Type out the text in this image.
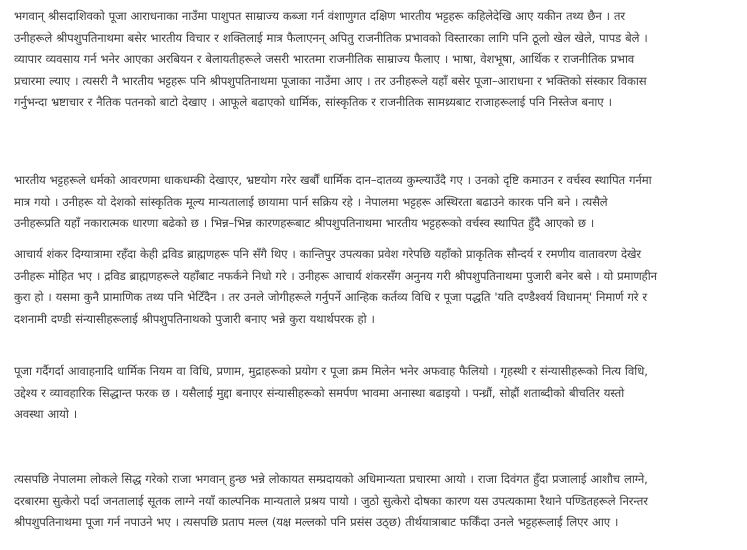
भगवान् श्रीसदाशिवको पूजा आराधनाका नाउँमा पाशुपत साम्राज्य कब्जा गर्न वंशाणुगत दक्षिण भारतीय भट्टहरू कहिलेदेखि आए यकीन तथ्य छैन । तर
उनीहरूले श्रीपशुपतिनाथमा बसेर भारतीय विचार र शक्तिलाई मात्र फैलाएनन् अपितु राजनीतिक प्रभावको विस्तारका लागि पनि ठूलो खेल खेले, पापड बेले ।
व्यापार व्यवसाय गर्न भनेर आएका अरबियन र बेलायतीहरूले जसरी भारतमा राजनीतिक साम्राज्य फैलाए । भाषा, वेशभूषा, आर्थिक र राजनीतिक प्रभाव
प्रचारमा ल्याए । त्यसरी नै भारतीय भट्टहरू पनि श्रीपशुपतिनाथमा पूजाका नाउँमा आए । तर उनीहरूले यहाँ बसेर पूजा–आराधना र भक्तिको संस्कार विकास
गर्नुभन्दा भ्रष्टाचार र नैतिक पतनको बाटो देखाए । आफूले बढाएको धार्मिक, सांस्कृतिक र राजनीतिक सामथ्र्यबाट राजाहरूलाई पनि निस्तेज बनाए ।

भारतीय भट्टहरूले धर्मको आवरणमा धाकधम्की देखाएर, भ्रष्टयोग गरेर खर्बौं धार्मिक दान–दातव्य कुम्ल्याउँदै गए । उनको दृष्टि कमाउन र वर्चस्व स्थापित गर्नमा
मात्र गयो । उनीहरू यो देशको सांस्कृतिक मूल्य मान्यतालाई छायामा पार्न सक्रिय रहे । नेपालमा भट्टहरू अस्थिरता बढाउने कारक पनि बने । त्यसैले
उनीहरूप्रति यहाँ नकारात्मक धारणा बढेको छ । भिन्न–भिन्न कारणहरूबाट श्रीपशुपतिनाथमा भारतीय भट्टहरूको वर्चस्व स्थापित हुँदै आएको छ ।

आचार्य शंकर दिग्यात्रामा रहँदा केही द्रविड ब्राह्मणहरू पनि सँगै थिए । कान्तिपुर उपत्यका प्रवेश गरेपछि यहाँको प्राकृतिक सौन्दर्य र रमणीय वातावरण देखेर
उनीहरू मोहित भए । द्रविड ब्राह्मणहरूले यहाँबाट नफर्कने निधो गरे । उनीहरू आचार्य शंकरसँग अनुनय गरी श्रीपशुपतिनाथमा पुजारी बनेर बसे । यो प्रमाणहीन
कुरा हो । यसमा कुनै प्रामाणिक तथ्य पनि भेटिँदैन । तर उनले जोगीहरूले गर्नुपर्ने आन्हिक कर्तव्य विधि र पूजा पद्धति 'यति दण्डैश्वर्य विधानम्' निमार्ण गरे र
दशनामी दण्डी संन्यासीहरूलाई श्रीपशुपतिनाथको पुजारी बनाए भन्ने कुरा यथार्थपरक हो ।

पूजा गर्दैगर्दा आवाहनादि धार्मिक नियम वा विधि, प्रणाम, मुद्राहरूको प्रयोग र पूजा क्रम मिलेन भनेर अफवाह फैलियो । गृहस्थी र संन्यासीहरूको नित्य विधि,
उद्देश्य र व्यावहारिक सिद्धान्त फरक छ । यसैलाई मुद्दा बनाएर संन्यासीहरूको समर्पण भावमा अनास्था बढाइयो । पन्ध्रौं, सोह्रौं शताब्दीको बीचतिर यस्तो
अवस्था आयो ।

त्यसपछि नेपालमा लोकले सिद्ध गरेको राजा भगवान् हुन्छ भन्ने लोकायत सम्प्रदायको अधिमान्यता प्रचारमा आयो । राजा दिवंगत हुँदा प्रजालाई आशौच लाग्ने,
दरबारमा सुत्केरो पर्दा जनतालाई सूतक लाग्ने नयाँ काल्पनिक मान्यताले प्रश्रय पायो । जुठो सुत्केरो दोषका कारण यस उपत्यकामा रैथाने पण्डितहरूले निरन्तर
श्रीपशुपतिनाथमा पूजा गर्न नपाउने भए । त्यसपछि प्रताप मल्ल (यक्ष मल्लको पनि प्रसंस उठ्छ) तीर्थयात्राबाट फर्किँदा उनले भट्टहरूलाई लिएर आए ।
